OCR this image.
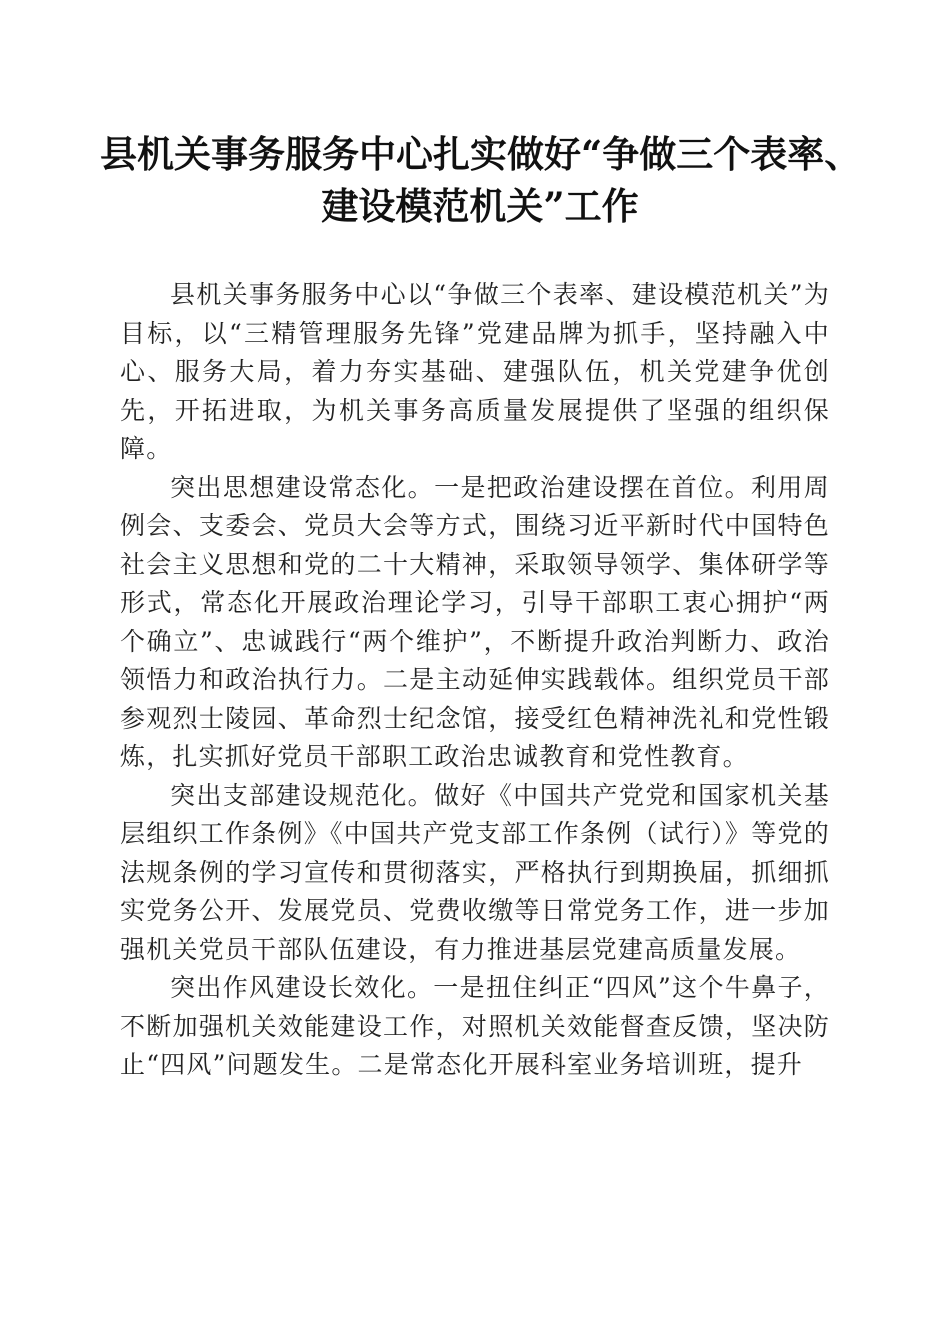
县机关事务服务中心扎实做好“争做三个表率、
建设模范机关”工作

县机关事务服务中心以“争做三个表率、建设模范机关”为目标，以“三精管理服务先锋”党建品牌为抓手，坚持融入中心、服务大局，着力夯实基础、建强队伍，机关党建争优创先，开拓进取，为机关事务高质量发展提供了坚强的组织保障。

突出思想建设常态化。一是把政治建设摆在首位。利用周例会、支委会、党员大会等方式，围绕习近平新时代中国特色社会主义思想和党的二十大精神，采取领导领学、集体研学等形式，常态化开展政治理论学习，引导干部职工衷心拥护“两个确立”、忠诚践行“两个维护”，不断提升政治判断力、政治领悟力和政治执行力。二是主动延伸实践载体。组织党员干部参观烈士陵园、革命烈士纪念馆，接受红色精神洗礼和党性锻炼，扎实抓好党员干部职工政治忠诚教育和党性教育。

突出支部建设规范化。做好《中国共产党党和国家机关基层组织工作条例》《中国共产党支部工作条例（试行）》等党的法规条例的学习宣传和贯彻落实，严格执行到期换届，抓细抓实党务公开、发展党员、党费收缴等日常党务工作，进一步加强机关党员干部队伍建设，有力推进基层党建高质量发展。

突出作风建设长效化。一是扭住纠正“四风”这个牛鼻子，不断加强机关效能建设工作，对照机关效能督查反馈，坚决防止“四风”问题发生。二是常态化开展科室业务培训班，提升
